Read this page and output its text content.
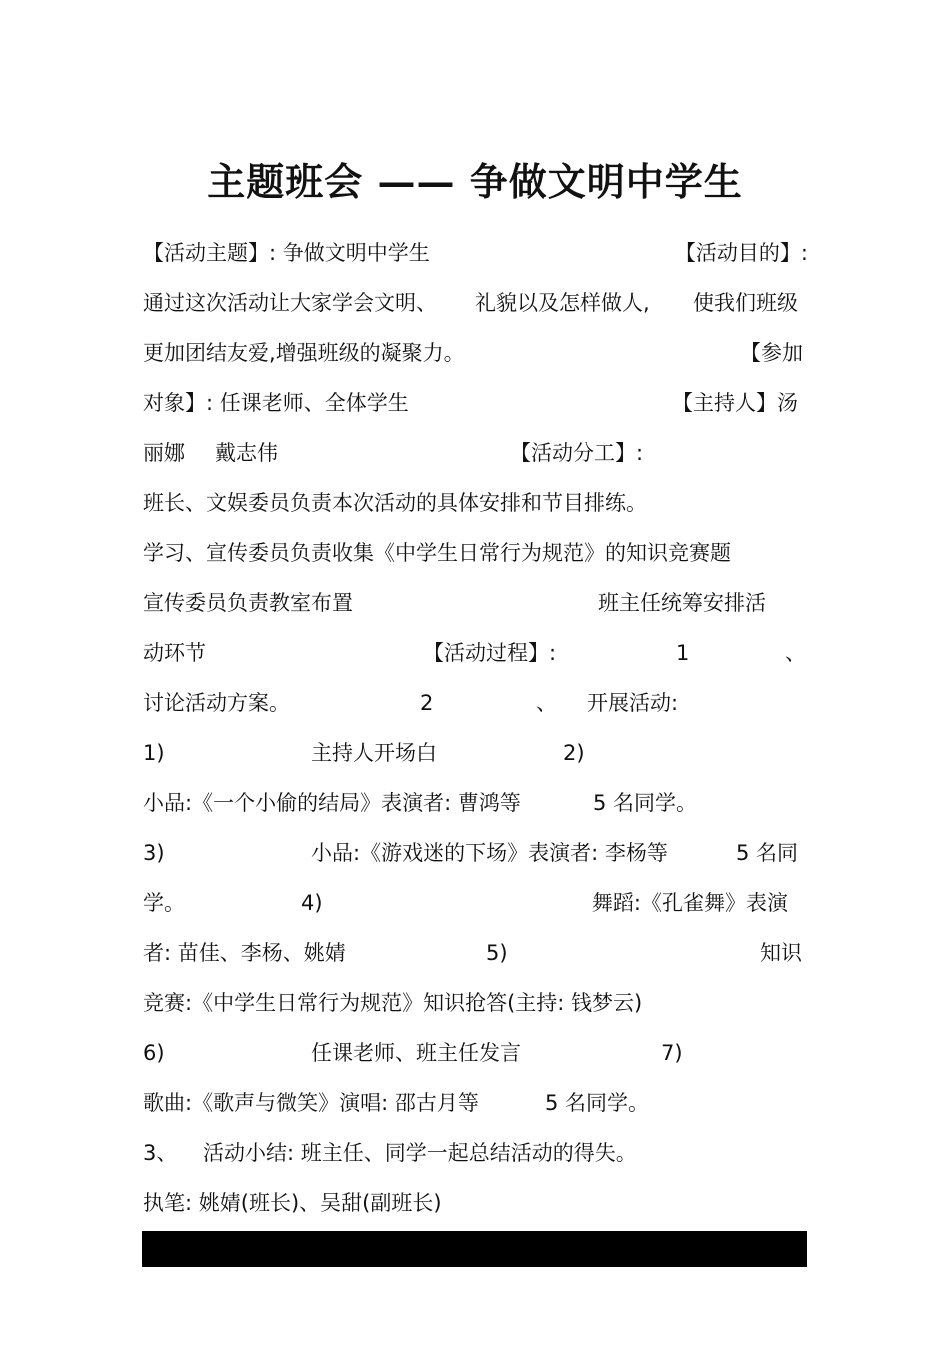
主题班会 —— 争做文明中学生
【活动主题】: 争做文明中学生	【活动目的】:
通过这次活动让大家学会文明、 礼貌以及怎样做人, 使我们班级
更加团结友爱,增强班级的凝聚力。	【参加
对象】: 任课老师、全体学生	【主持人】汤
丽娜 戴志伟	【活动分工】:
班长、文娱委员负责本次活动的具体安排和节目排练。
学习、宣传委员负责收集《中学生日常行为规范》的知识竞赛题
宣传委员负责教室布置	班主任统筹安排活
动环节	【活动过程】:	1	、
讨论活动方案。	2	、 开展活动:
1)	主持人开场白	2)
小品:《一个小偷的结局》表演者: 曹鸿等	5 名同学。
3)	小品:《游戏迷的下场》表演者: 李杨等	5 名同
学。	4)	舞蹈:《孔雀舞》表演
者: 苗佳、李杨、姚婧	5)	知识
竞赛:《中学生日常行为规范》知识抢答(主持: 钱梦云)
6)	任课老师、班主任发言	7)
歌曲:《歌声与微笑》演唱: 邵古月等	5 名同学。
3、 活动小结: 班主任、同学一起总结活动的得失。
执笔: 姚婧(班长)、吴甜(副班长)
